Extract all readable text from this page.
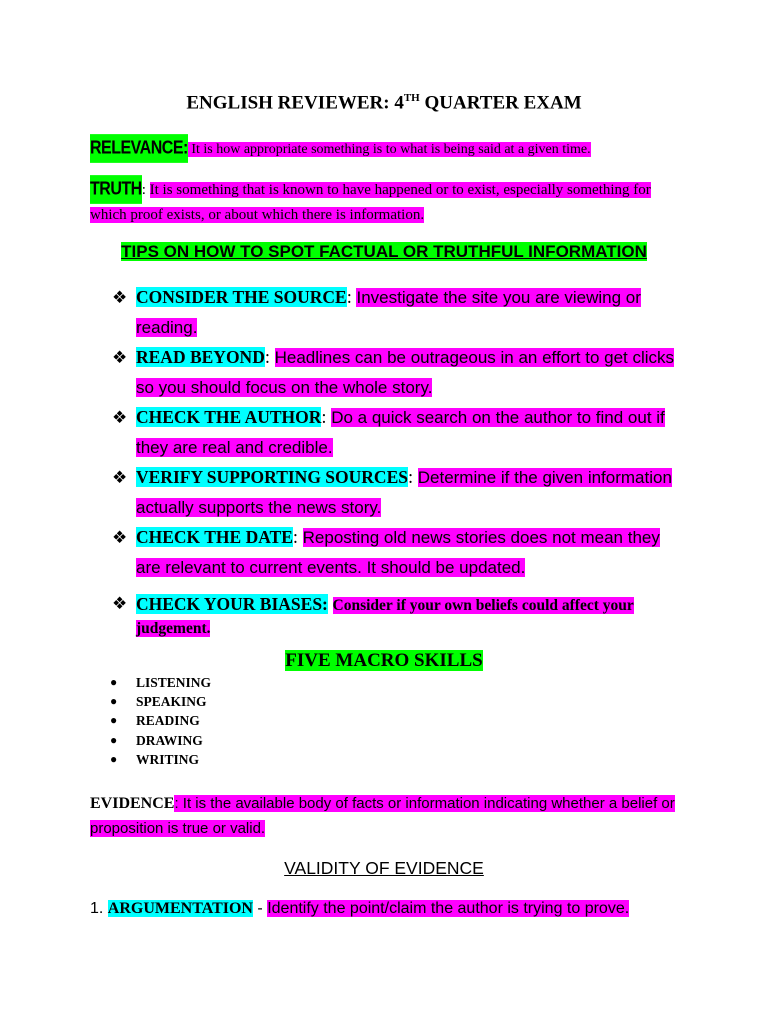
ENGLISH REVIEWER: 4TH QUARTER EXAM
RELEVANCE: It is how appropriate something is to what is being said at a given time.
TRUTH: It is something that is known to have happened or to exist, especially something for which proof exists, or about which there is information.
TIPS ON HOW TO SPOT FACTUAL OR TRUTHFUL INFORMATION
❖ CONSIDER THE SOURCE: Investigate the site you are viewing or reading.
❖ READ BEYOND: Headlines can be outrageous in an effort to get clicks so you should focus on the whole story.
❖ CHECK THE AUTHOR: Do a quick search on the author to find out if they are real and credible.
❖ VERIFY SUPPORTING SOURCES: Determine if the given information actually supports the news story.
❖ CHECK THE DATE: Reposting old news stories does not mean they are relevant to current events. It should be updated.
❖ CHECK YOUR BIASES: Consider if your own beliefs could affect your judgement.
FIVE MACRO SKILLS
● LISTENING
● SPEAKING
● READING
● DRAWING
● WRITING
EVIDENCE: It is the available body of facts or information indicating whether a belief or proposition is true or valid.
VALIDITY OF EVIDENCE
1. ARGUMENTATION - Identify the point/claim the author is trying to prove.
